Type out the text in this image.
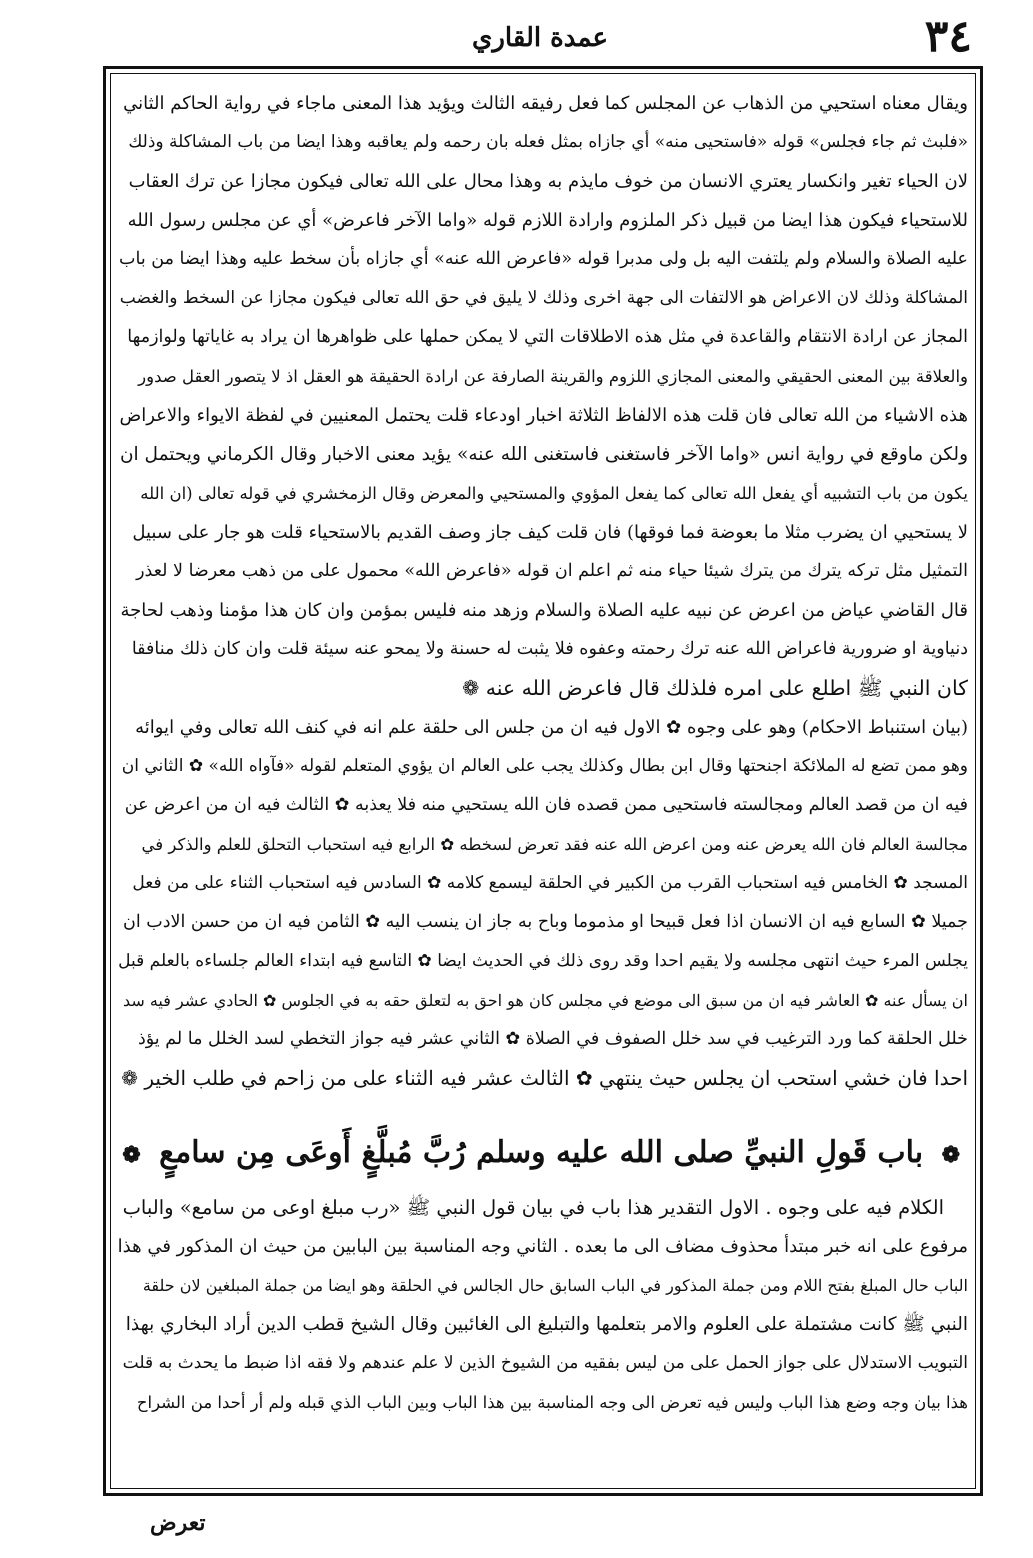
٣٤
عمدة القاري
ويقال معناه استحيي من الذهاب عن المجلس كما فعل رفيقه الثالث ويؤيد هذا المعنى ماجاء في رواية الحاكم الثاني
«فلبث ثم جاء فجلس» قوله «فاستحيى منه» أي جازاه بمثل فعله بان رحمه ولم يعاقبه وهذا ايضا من باب المشاكلة وذلك
لان الحياء تغير وانكسار يعتري الانسان من خوف مايذم به وهذا محال على الله تعالى فيكون مجازا عن ترك العقاب
للاستحياء فيكون هذا ايضا من قبيل ذكر الملزوم وارادة اللازم قوله «واما الآخر فاعرض» أي عن مجلس رسول الله
عليه الصلاة والسلام ولم يلتفت اليه بل ولى مدبرا قوله «فاعرض الله عنه» أي جازاه بأن سخط عليه وهذا ايضا من باب
المشاكلة وذلك لان الاعراض هو الالتفات الى جهة اخرى وذلك لا يليق في حق الله تعالى فيكون مجازا عن السخط والغضب
المجاز عن ارادة الانتقام والقاعدة في مثل هذه الاطلاقات التي لا يمكن حملها على ظواهرها ان يراد به غاياتها ولوازمها
والعلاقة بين المعنى الحقيقي والمعنى المجازي اللزوم والقرينة الصارفة عن ارادة الحقيقة هو العقل اذ لا يتصور العقل صدور
هذه الاشياء من الله تعالى فان قلت هذه الالفاظ الثلاثة اخبار اودعاء قلت يحتمل المعنيين في لفظة الايواء والاعراض
ولكن ماوقع في رواية انس «واما الآخر فاستغنى فاستغنى الله عنه» يؤيد معنى الاخبار وقال الكرماني ويحتمل ان
يكون من باب التشبيه أي يفعل الله تعالى كما يفعل المؤوي والمستحيي والمعرض وقال الزمخشري في قوله تعالى (ان الله
لا يستحيي ان يضرب مثلا ما بعوضة فما فوقها) فان قلت كيف جاز وصف القديم بالاستحياء قلت هو جار على سبيل
التمثيل مثل تركه يترك من يترك شيئا حياء منه ثم اعلم ان قوله «فاعرض الله» محمول على من ذهب معرضا لا لعذر
قال القاضي عياض من اعرض عن نبيه عليه الصلاة والسلام وزهد منه فليس بمؤمن وان كان هذا مؤمنا وذهب لحاجة
دنياوية او ضرورية فاعراض الله عنه ترك رحمته وعفوه فلا يثبت له حسنة ولا يمحو عنه سيئة قلت وان كان ذلك منافقا
كان النبي ﷺ اطلع على امره فلذلك قال فاعرض الله عنه ❁
(بيان استنباط الاحكام) وهو على وجوه ✿ الاول فيه ان من جلس الى حلقة علم انه في كنف الله تعالى وفي ايوائه
وهو ممن تضع له الملائكة اجنحتها وقال ابن بطال وكذلك يجب على العالم ان يؤوي المتعلم لقوله «فآواه الله» ✿ الثاني ان
فيه ان من قصد العالم ومجالسته فاستحيى ممن قصده فان الله يستحيي منه فلا يعذبه ✿ الثالث فيه ان من اعرض عن
مجالسة العالم فان الله يعرض عنه ومن اعرض الله عنه فقد تعرض لسخطه ✿ الرابع فيه استحباب التحلق للعلم والذكر في
المسجد ✿ الخامس فيه استحباب القرب من الكبير في الحلقة ليسمع كلامه ✿ السادس فيه استحباب الثناء على من فعل
جميلا ✿ السابع فيه ان الانسان اذا فعل قبيحا او مذموما وباح به جاز ان ينسب اليه ✿ الثامن فيه ان من حسن الادب ان
يجلس المرء حيث انتهى مجلسه ولا يقيم احدا وقد روى ذلك في الحديث ايضا ✿ التاسع فيه ابتداء العالم جلساءه بالعلم قبل
ان يسأل عنه ✿ العاشر فيه ان من سبق الى موضع في مجلس كان هو احق به لتعلق حقه به في الجلوس ✿ الحادي عشر فيه سد
خلل الحلقة كما ورد الترغيب في سد خلل الصفوف في الصلاة ✿ الثاني عشر فيه جواز التخطي لسد الخلل ما لم يؤذ
احدا فان خشي استحب ان يجلس حيث ينتهي ✿ الثالث عشر فيه الثناء على من زاحم في طلب الخير ❁
❁ باب قَولِ النبيِّ صلى الله عليه وسلم رُبَّ مُبلَّغٍ أَوعَى مِن سامعٍ ❁
الكلام فيه على وجوه . الاول التقدير هذا باب في بيان قول النبي ﷺ «رب مبلغ اوعى من سامع» والباب
مرفوع على انه خبر مبتدأ محذوف مضاف الى ما بعده . الثاني وجه المناسبة بين البابين من حيث ان المذكور في هذا
الباب حال المبلغ بفتح اللام ومن جملة المذكور في الباب السابق حال الجالس في الحلقة وهو ايضا من جملة المبلغين لان حلقة
النبي ﷺ كانت مشتملة على العلوم والامر بتعلمها والتبليغ الى الغائبين وقال الشيخ قطب الدين أراد البخاري بهذا
التبويب الاستدلال على جواز الحمل على من ليس بفقيه من الشيوخ الذين لا علم عندهم ولا فقه اذا ضبط ما يحدث به قلت
هذا بيان وجه وضع هذا الباب وليس فيه تعرض الى وجه المناسبة بين هذا الباب وبين الباب الذي قبله ولم أر أحدا من الشراح
تعرض
